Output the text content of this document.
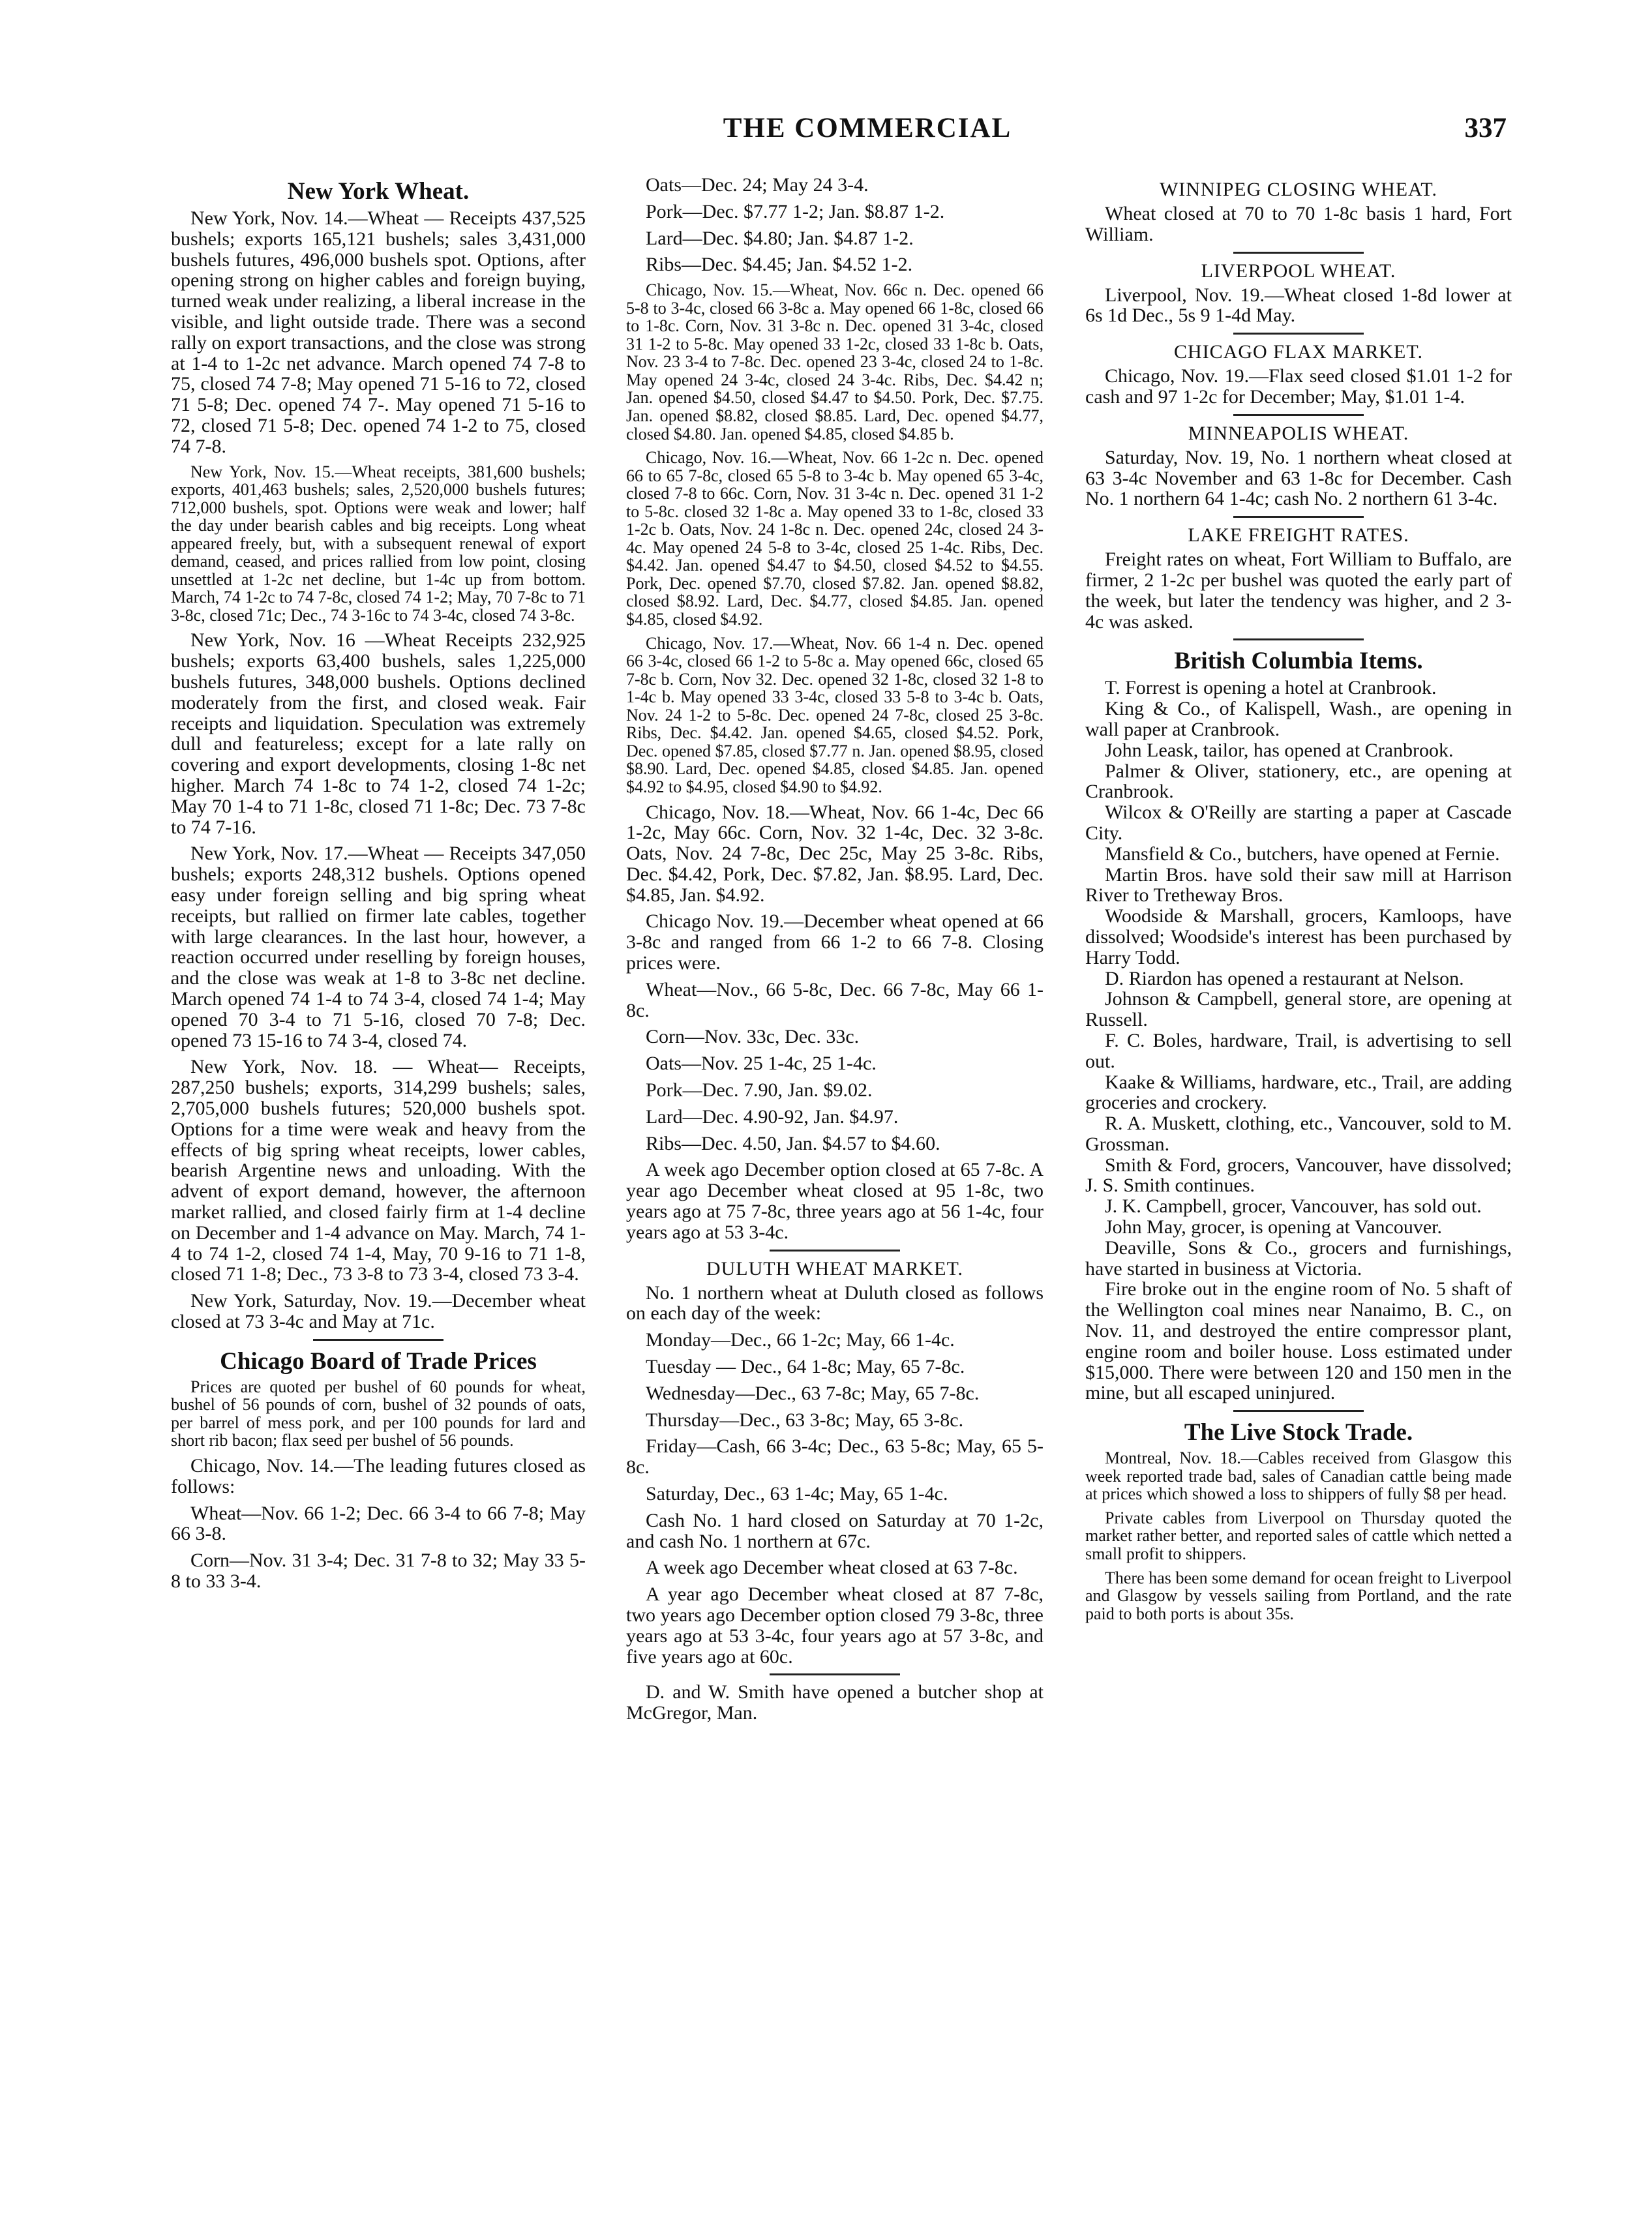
THE COMMERCIAL	337
New York Wheat.

New York, Nov. 14.—Wheat — Receipts 437,525 bushels; exports 165,121 bushels; sales 3,431,000 bushels futures, 496,000 bushels spot. Options, after opening strong on higher cables and foreign buying, turned weak under realizing, a liberal increase in the visible, and light outside trade. There was a second rally on export transactions, and the close was strong at 1-4 to 1-2c net advance. March opened 74 7-8 to 75, closed 74 7-8; May opened 71 5-16 to 72, closed 71 5-8; Dec. opened 74 7-. May opened 71 5-16 to 72, closed 71 5-8; Dec. opened 74 1-2 to 75, closed 74 7-8.

New York, Nov. 15.—Wheat receipts, 381,600 bushels; exports, 401,463 bushels; sales, 2,520,000 bushels futures; 712,000 bushels, spot. Options were weak and lower; half the day under bearish cables and big receipts. Long wheat appeared freely, but, with a subsequent renewal of export demand, ceased, and prices rallied from low point, closing unsettled at 1-2c net decline, but 1-4c up from bottom. March, 74 1-2c to 74 7-8c, closed 74 1-2; May, 70 7-8c to 71 3-8c, closed 71c; Dec., 74 3-16c to 74 3-4c, closed 74 3-8c.

New York, Nov. 16 —Wheat Receipts 232,925 bushels; exports 63,400 bushels, sales 1,225,000 bushels futures, 348,000 bushels. Options declined moderately from the first, and closed weak. Fair receipts and liquidation. Speculation was extremely dull and featureless; except for a late rally on covering and export developments, closing 1-8c net higher. March 74 1-8c to 74 1-2, closed 74 1-2c; May 70 1-4 to 71 1-8c, closed 71 1-8c; Dec. 73 7-8c to 74 7-16.

New York, Nov. 17.—Wheat — Receipts 347,050 bushels; exports 248,312 bushels. Options opened easy under foreign selling and big spring wheat receipts, but rallied on firmer late cables, together with large clearances. In the last hour, however, a reaction occurred under reselling by foreign houses, and the close was weak at 1-8 to 3-8c net decline. March opened 74 1-4 to 74 3-4, closed 74 1-4; May opened 70 3-4 to 71 5-16, closed 70 7-8; Dec. opened 73 15-16 to 74 3-4, closed 74.

New York, Nov. 18. — Wheat— Receipts, 287,250 bushels; exports, 314,299 bushels; sales, 2,705,000 bushels futures; 520,000 bushels spot. Options for a time were weak and heavy from the effects of big spring wheat receipts, lower cables, bearish Argentine news and unloading. With the advent of export demand, however, the afternoon market rallied, and closed fairly firm at 1-4 decline on December and 1-4 advance on May. March, 74 1-4 to 74 1-2, closed 74 1-4, May, 70 9-16 to 71 1-8, closed 71 1-8; Dec., 73 3-8 to 73 3-4, closed 73 3-4.

New York, Saturday, Nov. 19.—December wheat closed at 73 3-4c and May at 71c.

Chicago Board of Trade Prices

Prices are quoted per bushel of 60 pounds for wheat, bushel of 56 pounds of corn, bushel of 32 pounds of oats, per barrel of mess pork, and per 100 pounds for lard and short rib bacon; flax seed per bushel of 56 pounds.

Chicago, Nov. 14.—The leading futures closed as follows:

Wheat—Nov. 66 1-2; Dec. 66 3-4 to 66 7-8; May 66 3-8.

Corn—Nov. 31 3-4; Dec. 31 7-8 to 32; May 33 5-8 to 33 3-4.

Oats—Dec. 24; May 24 3-4.

Pork—Dec. $7.77 1-2; Jan. $8.87 1-2.

Lard—Dec. $4.80; Jan. $4.87 1-2.

Ribs—Dec. $4.45; Jan. $4.52 1-2.

Chicago, Nov. 15.—Wheat, Nov. 66c n. Dec. opened 66 5-8 to 3-4c, closed 66 3-8c a. May opened 66 1-8c, closed 66 to 1-8c. Corn, Nov. 31 3-8c n. Dec. opened 31 3-4c, closed 31 1-2 to 5-8c. May opened 33 1-2c, closed 33 1-8c b. Oats, Nov. 23 3-4 to 7-8c. Dec. opened 23 3-4c, closed 24 to 1-8c. May opened 24 3-4c, closed 24 3-4c. Ribs, Dec. $4.42 n; Jan. opened $4.50, closed $4.47 to $4.50. Pork, Dec. $7.75. Jan. opened $8.82, closed $8.85. Lard, Dec. opened $4.77, closed $4.80. Jan. opened $4.85, closed $4.85 b.

Chicago, Nov. 16.—Wheat, Nov. 66 1-2c n. Dec. opened 66 to 65 7-8c, closed 65 5-8 to 3-4c b. May opened 65 3-4c, closed 7-8 to 66c. Corn, Nov. 31 3-4c n. Dec. opened 31 1-2 to 5-8c. closed 32 1-8c a. May opened 33 to 1-8c, closed 33 1-2c b. Oats, Nov. 24 1-8c n. Dec. opened 24c, closed 24 3-4c. May opened 24 5-8 to 3-4c, closed 25 1-4c. Ribs, Dec. $4.42. Jan. opened $4.47 to $4.50, closed $4.52 to $4.55. Pork, Dec. opened $7.70, closed $7.82. Jan. opened $8.82, closed $8.92. Lard, Dec. $4.77, closed $4.85. Jan. opened $4.85, closed $4.92.

Chicago, Nov. 17.—Wheat, Nov. 66 1-4 n. Dec. opened 66 3-4c, closed 66 1-2 to 5-8c a. May opened 66c, closed 65 7-8c b. Corn, Nov 32. Dec. opened 32 1-8c, closed 32 1-8 to 1-4c b. May opened 33 3-4c, closed 33 5-8 to 3-4c b. Oats, Nov. 24 1-2 to 5-8c. Dec. opened 24 7-8c, closed 25 3-8c. Ribs, Dec. $4.42. Jan. opened $4.65, closed $4.52. Pork, Dec. opened $7.85, closed $7.77 n. Jan. opened $8.95, closed $8.90. Lard, Dec. opened $4.85, closed $4.85. Jan. opened $4.92 to $4.95, closed $4.90 to $4.92.

Chicago, Nov. 18.—Wheat, Nov. 66 1-4c, Dec 66 1-2c, May 66c. Corn, Nov. 32 1-4c, Dec. 32 3-8c. Oats, Nov. 24 7-8c, Dec 25c, May 25 3-8c. Ribs, Dec. $4.42, Pork, Dec. $7.82, Jan. $8.95. Lard, Dec. $4.85, Jan. $4.92.

Chicago Nov. 19.—December wheat opened at 66 3-8c and ranged from 66 1-2 to 66 7-8. Closing prices were.

Wheat—Nov., 66 5-8c, Dec. 66 7-8c, May 66 1-8c.

Corn—Nov. 33c, Dec. 33c.

Oats—Nov. 25 1-4c, 25 1-4c.

Pork—Dec. 7.90, Jan. $9.02.

Lard—Dec. 4.90-92, Jan. $4.97.

Ribs—Dec. 4.50, Jan. $4.57 to $4.60.

A week ago December option closed at 65 7-8c. A year ago December wheat closed at 95 1-8c, two years ago at 75 7-8c, three years ago at 56 1-4c, four years ago at 53 3-4c.

DULUTH WHEAT MARKET.

No. 1 northern wheat at Duluth closed as follows on each day of the week:

Monday—Dec., 66 1-2c; May, 66 1-4c.

Tuesday — Dec., 64 1-8c; May, 65 7-8c.

Wednesday—Dec., 63 7-8c; May, 65 7-8c.

Thursday—Dec., 63 3-8c; May, 65 3-8c.

Friday—Cash, 66 3-4c; Dec., 63 5-8c; May, 65 5-8c.

Saturday, Dec., 63 1-4c; May, 65 1-4c.

Cash No. 1 hard closed on Saturday at 70 1-2c, and cash No. 1 northern at 67c.

A week ago December wheat closed at 63 7-8c.

A year ago December wheat closed at 87 7-8c, two years ago December option closed 79 3-8c, three years ago at 53 3-4c, four years ago at 57 3-8c, and five years ago at 60c.

D. and W. Smith have opened a butcher shop at McGregor, Man.

WINNIPEG CLOSING WHEAT.

Wheat closed at 70 to 70 1-8c basis 1 hard, Fort William.

LIVERPOOL WHEAT.

Liverpool, Nov. 19.—Wheat closed 1-8d lower at 6s 1d Dec., 5s 9 1-4d May.

CHICAGO FLAX MARKET.

Chicago, Nov. 19.—Flax seed closed $1.01 1-2 for cash and 97 1-2c for December; May, $1.01 1-4.

MINNEAPOLIS WHEAT.

Saturday, Nov. 19, No. 1 northern wheat closed at 63 3-4c November and 63 1-8c for December. Cash No. 1 northern 64 1-4c; cash No. 2 northern 61 3-4c.

LAKE FREIGHT RATES.

Freight rates on wheat, Fort William to Buffalo, are firmer, 2 1-2c per bushel was quoted the early part of the week, but later the tendency was higher, and 2 3-4c was asked.

British Columbia Items.

T. Forrest is opening a hotel at Cranbrook.

King & Co., of Kalispell, Wash., are opening in wall paper at Cranbrook.

John Leask, tailor, has opened at Cranbrook.

Palmer & Oliver, stationery, etc., are opening at Cranbrook.

Wilcox & O'Reilly are starting a paper at Cascade City.

Mansfield & Co., butchers, have opened at Fernie.

Martin Bros. have sold their saw mill at Harrison River to Tretheway Bros.

Woodside & Marshall, grocers, Kamloops, have dissolved; Woodside's interest has been purchased by Harry Todd.

D. Riardon has opened a restaurant at Nelson.

Johnson & Campbell, general store, are opening at Russell.

F. C. Boles, hardware, Trail, is advertising to sell out.

Kaake & Williams, hardware, etc., Trail, are adding groceries and crockery.

R. A. Muskett, clothing, etc., Vancouver, sold to M. Grossman.

Smith & Ford, grocers, Vancouver, have dissolved; J. S. Smith continues.

J. K. Campbell, grocer, Vancouver, has sold out.

John May, grocer, is opening at Vancouver.

Deaville, Sons & Co., grocers and furnishings, have started in business at Victoria.

Fire broke out in the engine room of No. 5 shaft of the Wellington coal mines near Nanaimo, B. C., on Nov. 11, and destroyed the entire compressor plant, engine room and boiler house. Loss estimated under $15,000. There were between 120 and 150 men in the mine, but all escaped uninjured.

The Live Stock Trade.

Montreal, Nov. 18.—Cables received from Glasgow this week reported trade bad, sales of Canadian cattle being made at prices which showed a loss to shippers of fully $8 per head.

Private cables from Liverpool on Thursday quoted the market rather better, and reported sales of cattle which netted a small profit to shippers.

There has been some demand for ocean freight to Liverpool and Glasgow by vessels sailing from Portland, and the rate paid to both ports is about 35s.
